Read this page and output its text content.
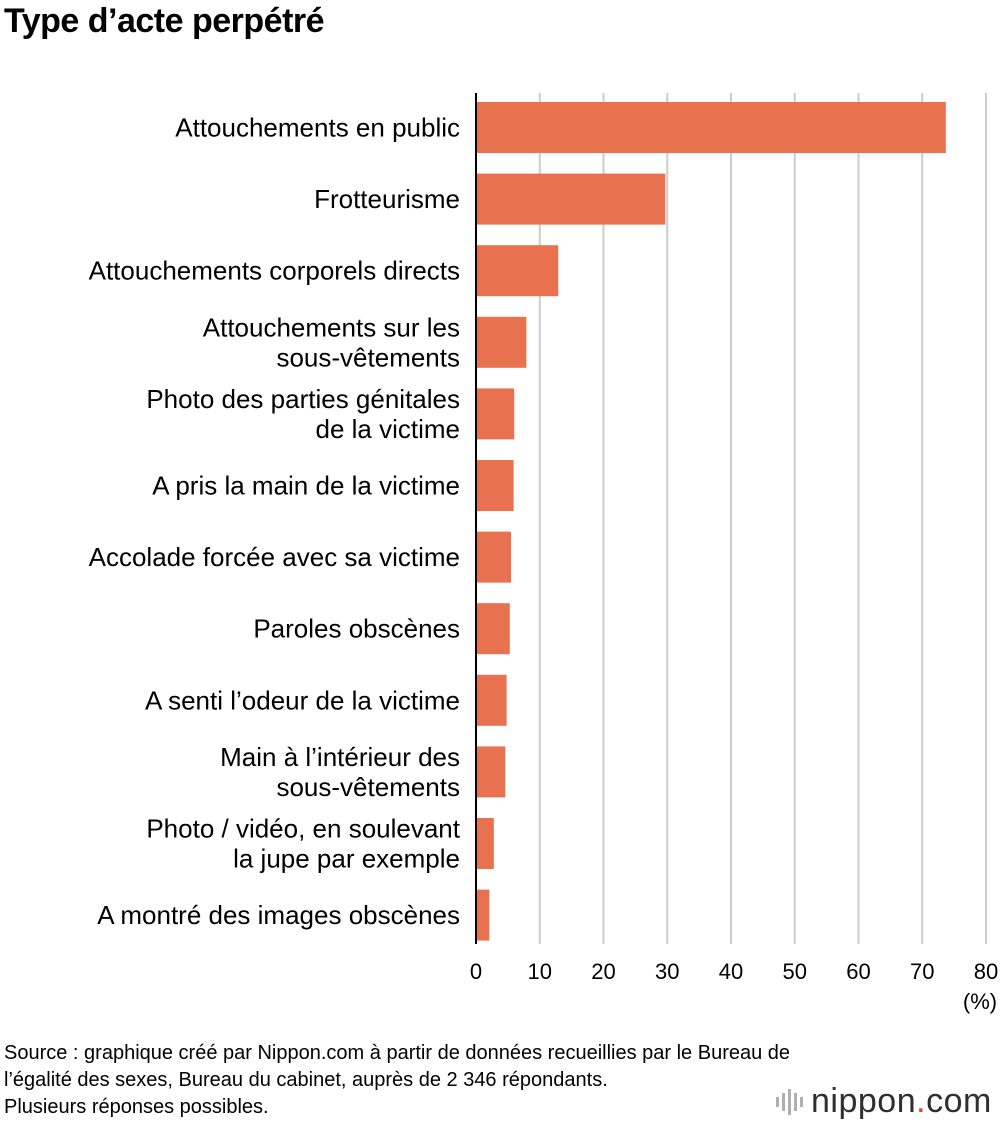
Type d’acte perpétré
Attouchements en public
Frotteurisme
Attouchements corporels directs
Attouchements sur les
sous-vêtements
Photo des parties génitales
de la victime
A pris la main de la victime
Accolade forcée avec sa victime
Paroles obscènes
A senti l’odeur de la victime
Main à l’intérieur des
sous-vêtements
Photo / vidéo, en soulevant
la jupe par exemple
A montré des images obscènes
0 10 20 30 40 50 60 70 80
(%)
Source : graphique créé par Nippon.com à partir de données recueillies par le Bureau de
l’égalité des sexes, Bureau du cabinet, auprès de 2 346 répondants.
Plusieurs réponses possibles.	nippon.com
